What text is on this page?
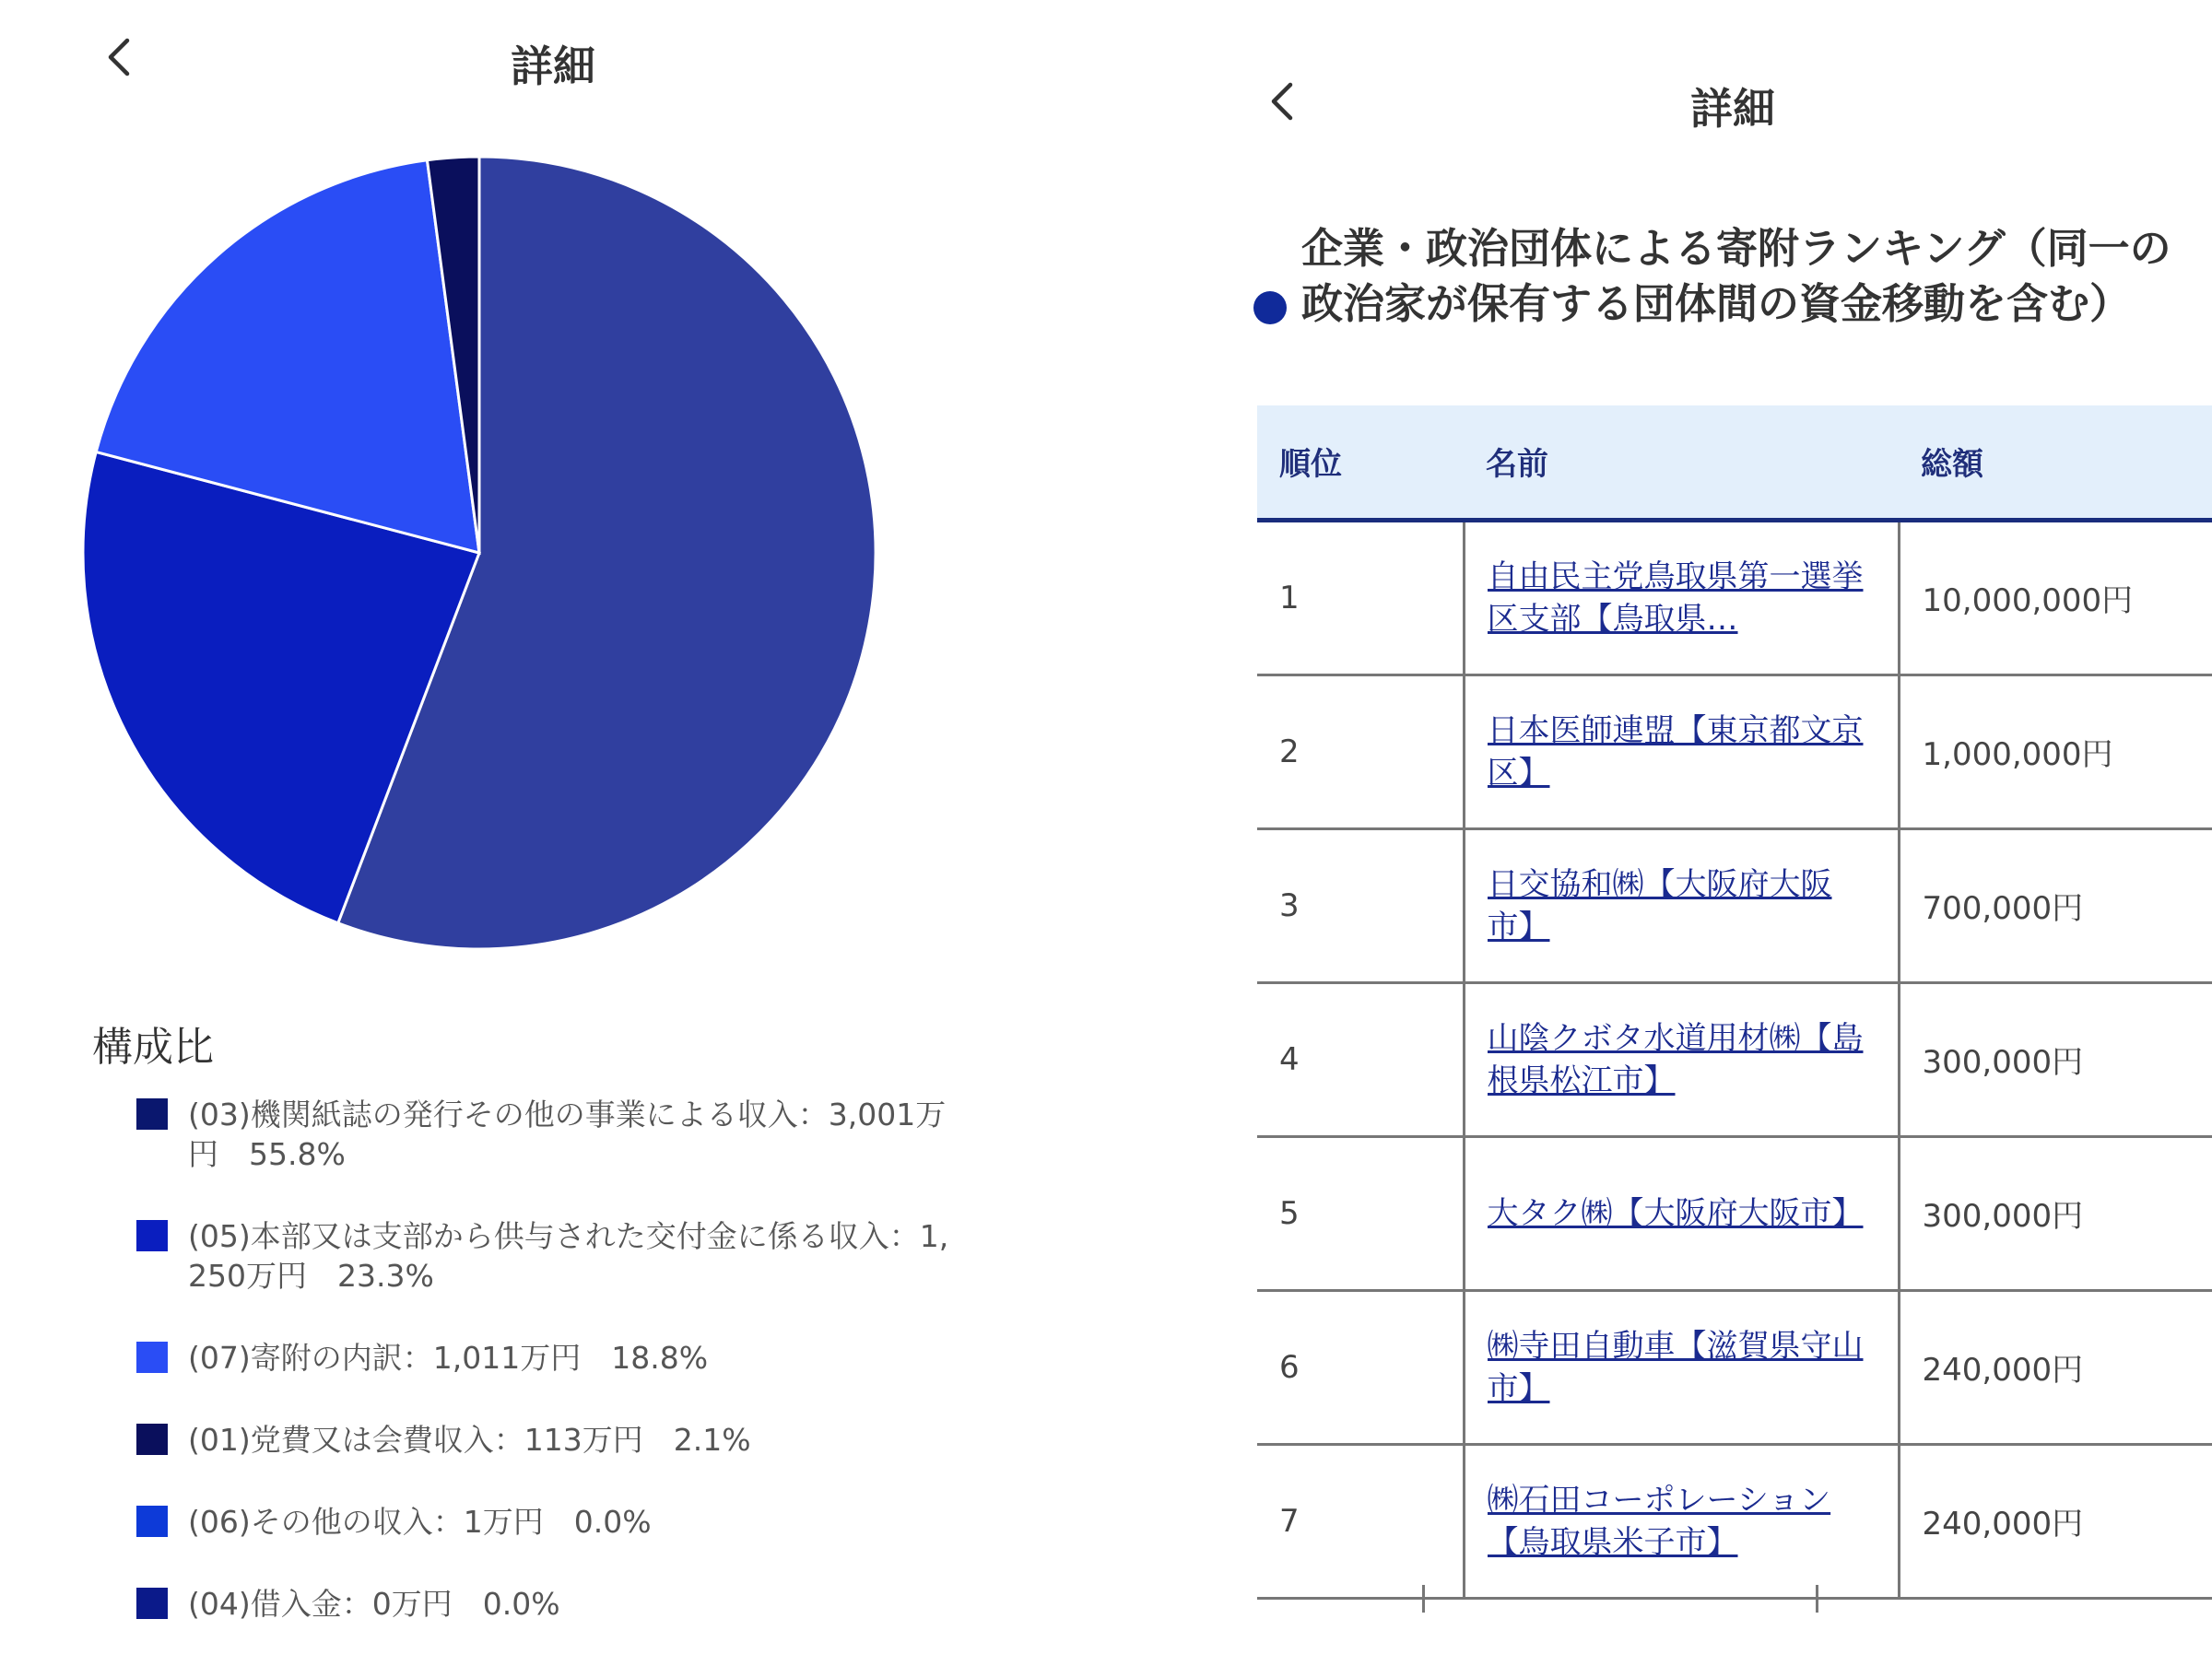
詳細
構成比
(03)機関紙誌の発行その他の事業による収入：3,001万円　55.8%
(05)本部又は支部から供与された交付金に係る収入：1,250万円　23.3%
(07)寄附の内訳：1,011万円　18.8%
(01)党費又は会費収入：113万円　2.1%
(06)その他の収入：1万円　0.0%
(04)借入金：0万円　0.0%
詳細
企業・政治団体による寄附ランキング（同一の政治家が保有する団体間の資金移動を含む）
順位	名前	総額
1	自由民主党鳥取県第一選挙区支部【鳥取県…	10,000,000円
2	日本医師連盟【東京都文京区】	1,000,000円
3	日交協和㈱【大阪府大阪市】	700,000円
4	山陰クボタ水道用材㈱【島根県松江市】	300,000円
5	大タク㈱【大阪府大阪市】	300,000円
6	㈱寺田自動車【滋賀県守山市】	240,000円
7	㈱石田コーポレーション【鳥取県米子市】	240,000円
